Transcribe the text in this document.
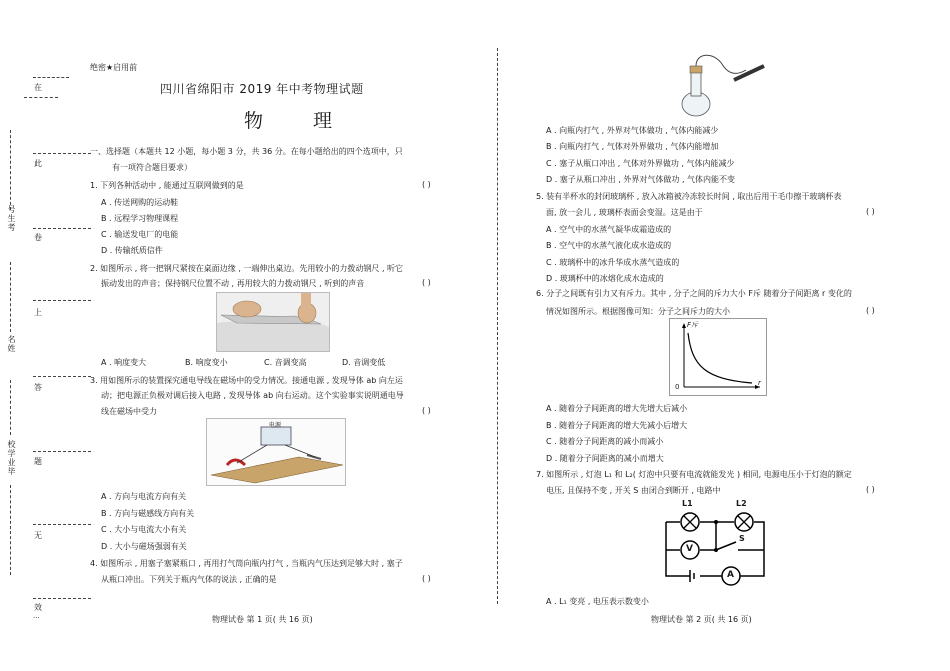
在
此
卷
上
答
题
无
效
···
号生考
名姓
校学业毕
绝密★启用前
四川省绵阳市 2019 年中考物理试题
物 理
一、选择题（本题共 12 小题，每小题 3 分，共 36 分。在每小题给出的四个选项中，只
有一项符合题目要求）
1. 下列各种活动中 , 能通过互联网做到的是	( )
A . 传送网购的运动鞋
B . 远程学习物理课程
C . 输送发电厂的电能
D . 传输纸质信件
2. 如图所示 , 将一把钢尺紧按在桌面边缘 , 一端伸出桌边。先用较小的力拨动钢尺 , 听它
振动发出的声音；保持钢尺位置不动 , 再用较大的力拨动钢尺 , 听到的声音	( )
A . 响度变大	B. 响度变小	C. 音调变高	D. 音调变低
3. 用如图所示的装置探究通电导线在磁场中的受力情况。接通电源 , 发现导体 ab 向左运
动；把电源正负极对调后接入电路 , 发现导体 ab 向右运动。这个实验事实说明通电导
线在磁场中受力	( )
电源
A . 方向与电流方向有关
B . 方向与磁感线方向有关
C . 大小与电流大小有关
D . 大小与磁场强弱有关
4. 如图所示 , 用塞子塞紧瓶口 , 再用打气筒向瓶内打气 , 当瓶内气压达到足够大时 , 塞子
从瓶口冲出。下列关于瓶内气体的说法 , 正确的是	( )
物理试卷 第 1 页( 共 16 页)
A . 向瓶内打气 , 外界对气体做功 , 气体内能减少
B . 向瓶内打气 , 气体对外界做功 , 气体内能增加
C . 塞子从瓶口冲出 , 气体对外界做功 , 气体内能减少
D . 塞子从瓶口冲出 , 外界对气体做功 , 气体内能不变
5. 装有半杯水的封闭玻璃杯 , 放入冰箱被冷冻较长时间 , 取出后用干毛巾擦干玻璃杯表
面, 放一会儿 , 玻璃杯表面会变湿。这是由于	( )
A . 空气中的水蒸气凝华成霜造成的
B . 空气中的水蒸气液化成水造成的
C . 玻璃杯中的冰升华成水蒸气造成的
D . 玻璃杯中的冰熔化成水造成的
6. 分子之间既有引力又有斥力。其中 , 分子之间的斥力大小 F斥 随着分子间距离 r 变化的
情况如图所示。根据图像可知：分子之间斥力的大小	( )
F斥
r
0
A . 随着分子间距离的增大先增大后减小
B . 随着分子间距离的增大先减小后增大
C . 随着分子间距离的减小而减小
D . 随着分子间距离的减小而增大
7. 如图所示 , 灯泡 L₁ 和 L₂( 灯泡中只要有电流就能发光 ) 相同, 电源电压小于灯泡的额定
电压, 且保持不变 , 开关 S 由闭合到断开 , 电路中	( )
L1	L2
V
S
A
A . L₁ 变亮 , 电压表示数变小
物理试卷 第 2 页( 共 16 页)
